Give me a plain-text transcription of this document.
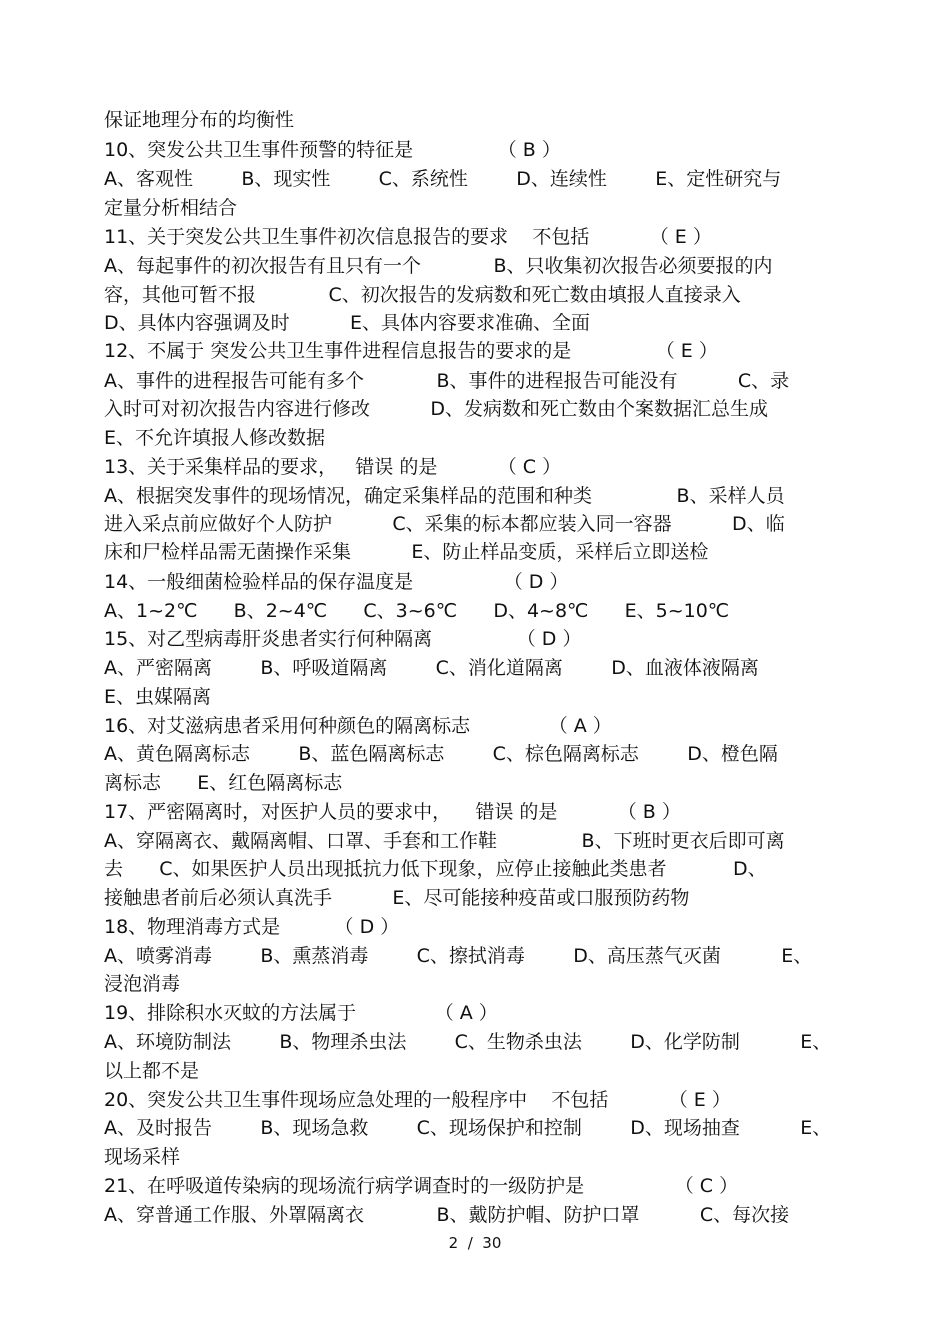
保证地理分布的均衡性
10、突发公共卫生事件预警的特征是              （ B ）
A、客观性        B、现实性        C、系统性        D、连续性        E、定性研究与
定量分析相结合
11、关于突发公共卫生事件初次信息报告的要求    不包括          （ E ）
A、每起事件的初次报告有且只有一个            B、只收集初次报告必须要报的内
容，其他可暂不报            C、初次报告的发病数和死亡数由填报人直接录入
D、具体内容强调及时          E、具体内容要求准确、全面
12、不属于 突发公共卫生事件进程信息报告的要求的是              （ E ）
A、事件的进程报告可能有多个            B、事件的进程报告可能没有          C、录
入时可对初次报告内容进行修改          D、发病数和死亡数由个案数据汇总生成
E、不允许填报人修改数据
13、关于采集样品的要求，   错误 的是          （ C ）
A、根据突发事件的现场情况，确定采集样品的范围和种类              B、采样人员
进入采点前应做好个人防护          C、采集的标本都应装入同一容器          D、临
床和尸检样品需无菌操作采集          E、防止样品变质，采样后立即送检
14、一般细菌检验样品的保存温度是               （ D ）
A、1~2℃      B、2~4℃      C、3~6℃      D、4~8℃      E、5~10℃
15、对乙型病毒肝炎患者实行何种隔离              （ D ）
A、严密隔离        B、呼吸道隔离        C、消化道隔离        D、血液体液隔离
E、虫媒隔离
16、对艾滋病患者采用何种颜色的隔离标志             （ A ）
A、黄色隔离标志        B、蓝色隔离标志        C、棕色隔离标志        D、橙色隔
离标志      E、红色隔离标志
17、严密隔离时，对医护人员的要求中，    错误 的是          （ B ）
A、穿隔离衣、戴隔离帽、口罩、手套和工作鞋              B、下班时更衣后即可离
去      C、如果医护人员出现抵抗力低下现象，应停止接触此类患者           D、
接触患者前后必须认真洗手          E、尽可能接种疫苗或口服预防药物
18、物理消毒方式是         （ D ）
A、喷雾消毒        B、熏蒸消毒        C、擦拭消毒        D、高压蒸气灭菌          E、
浸泡消毒
19、排除积水灭蚊的方法属于             （ A ）
A、环境防制法        B、物理杀虫法        C、生物杀虫法        D、化学防制          E、
以上都不是
20、突发公共卫生事件现场应急处理的一般程序中    不包括          （ E ）
A、及时报告        B、现场急救        C、现场保护和控制        D、现场抽查          E、
现场采样
21、在呼吸道传染病的现场流行病学调查时的一级防护是               （ C ）
A、穿普通工作服、外罩隔离衣            B、戴防护帽、防护口罩          C、每次接
2  /  30
